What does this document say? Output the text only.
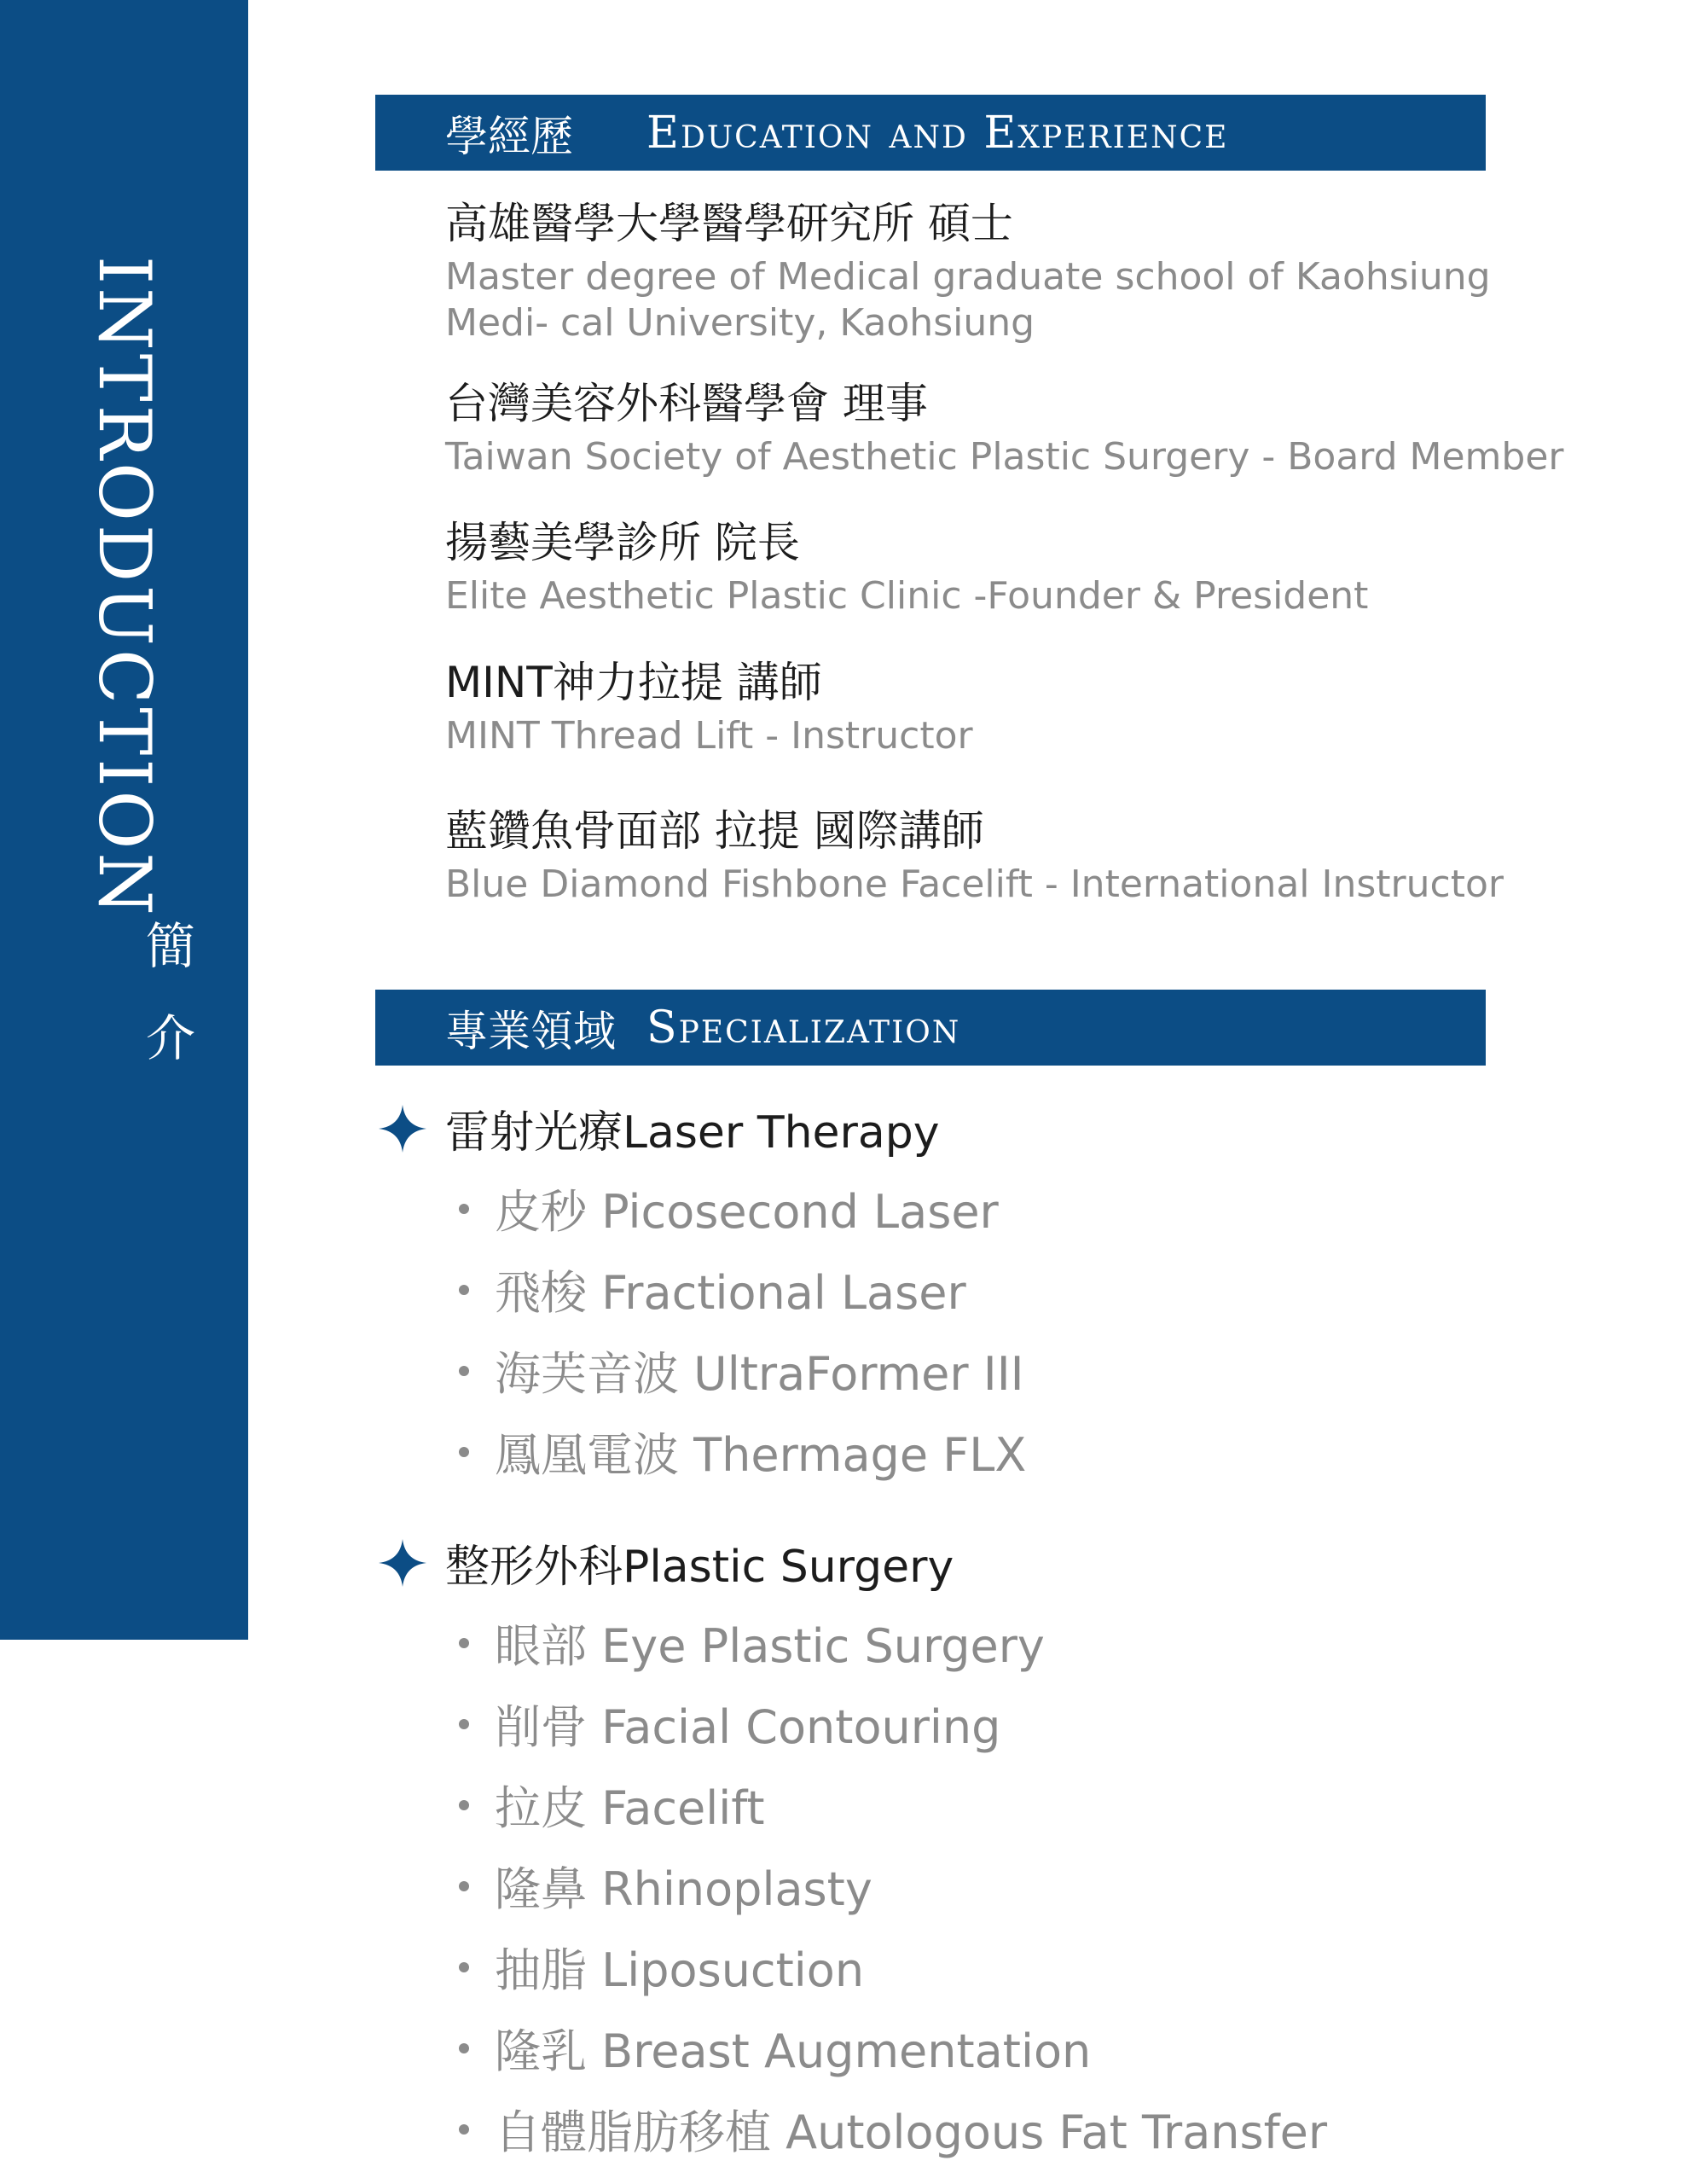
INTRODUCTION
簡
介
學經歷	Education and Experience
高雄醫學大學醫學研究所 碩士
Master degree of Medical graduate school of Kaohsiung Medi- cal University, Kaohsiung
台灣美容外科醫學會 理事
Taiwan Society of Aesthetic Plastic Surgery - Board Member
揚藝美學診所 院長
Elite Aesthetic Plastic Clinic -Founder & President
MINT神力拉提 講師
MINT Thread Lift - Instructor
藍鑽魚骨面部 拉提 國際講師
Blue Diamond Fishbone Facelift - International Instructor
專業領域 Specialization
雷射光療Laser Therapy
皮秒 Picosecond Laser
飛梭 Fractional Laser
海芙音波 UltraFormer III
鳳凰電波 Thermage FLX
整形外科Plastic Surgery
眼部 Eye Plastic Surgery
削骨 Facial Contouring
拉皮 Facelift
隆鼻 Rhinoplasty
抽脂 Liposuction
隆乳 Breast Augmentation
自體脂肪移植 Autologous Fat Transfer
